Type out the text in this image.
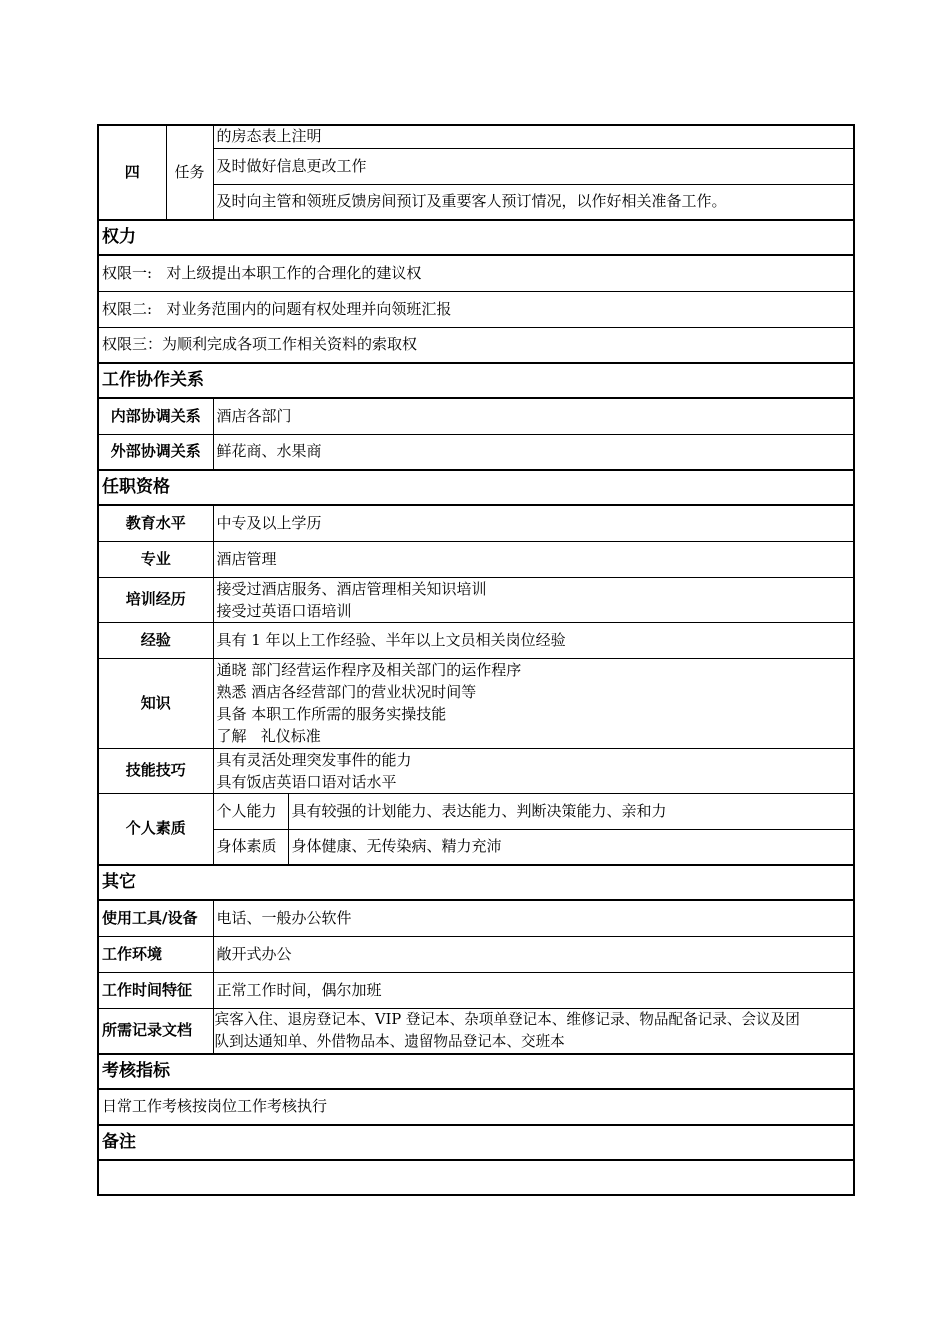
四	任务	的房态表上注明	
		及时做好信息更改工作	
		及时向主管和领班反馈房间预订及重要客人预订情况，以作好相关准备工作。	
权力			
权限一:   对上级提出本职工作的合理化的建议权			
权限二:   对业务范围内的问题有权处理并向领班汇报			
权限三：为顺利完成各项工作相关资料的索取权			
工作协作关系			
内部协调关系		酒店各部门	
外部协调关系		鲜花商、水果商	
任职资格			
教育水平		中专及以上学历	
专业		酒店管理	
培训经历		接受过酒店服务、酒店管理相关知识培训
接受过英语口语培训	

经验		具有 1 年以上工作经验、半年以上文员相关岗位经验	
知识		通晓 部门经营运作程序及相关部门的运作程序
熟悉 酒店各经营部门的营业状况时间等
具备 本职工作所需的服务实操技能
了解   礼仪标准	

技能技巧		具有灵活处理突发事件的能力
具有饭店英语口语对话水平	

个人素质		个人能力	具有较强的计划能力、表达能力、判断决策能力、亲和力
		身体素质	身体健康、无传染病、精力充沛
其它			
使用工具/设备		电话、一般办公软件	
工作环境		敞开式办公	
工作时间特征		正常工作时间，偶尔加班	
所需记录文档		宾客入住、退房登记本、VIP 登记本、杂项单登记本、维修记录、物品配备记录、会议及团
队到达通知单、外借物品本、遗留物品登记本、交班本	

考核指标			
日常工作考核按岗位工作考核执行			
备注			
